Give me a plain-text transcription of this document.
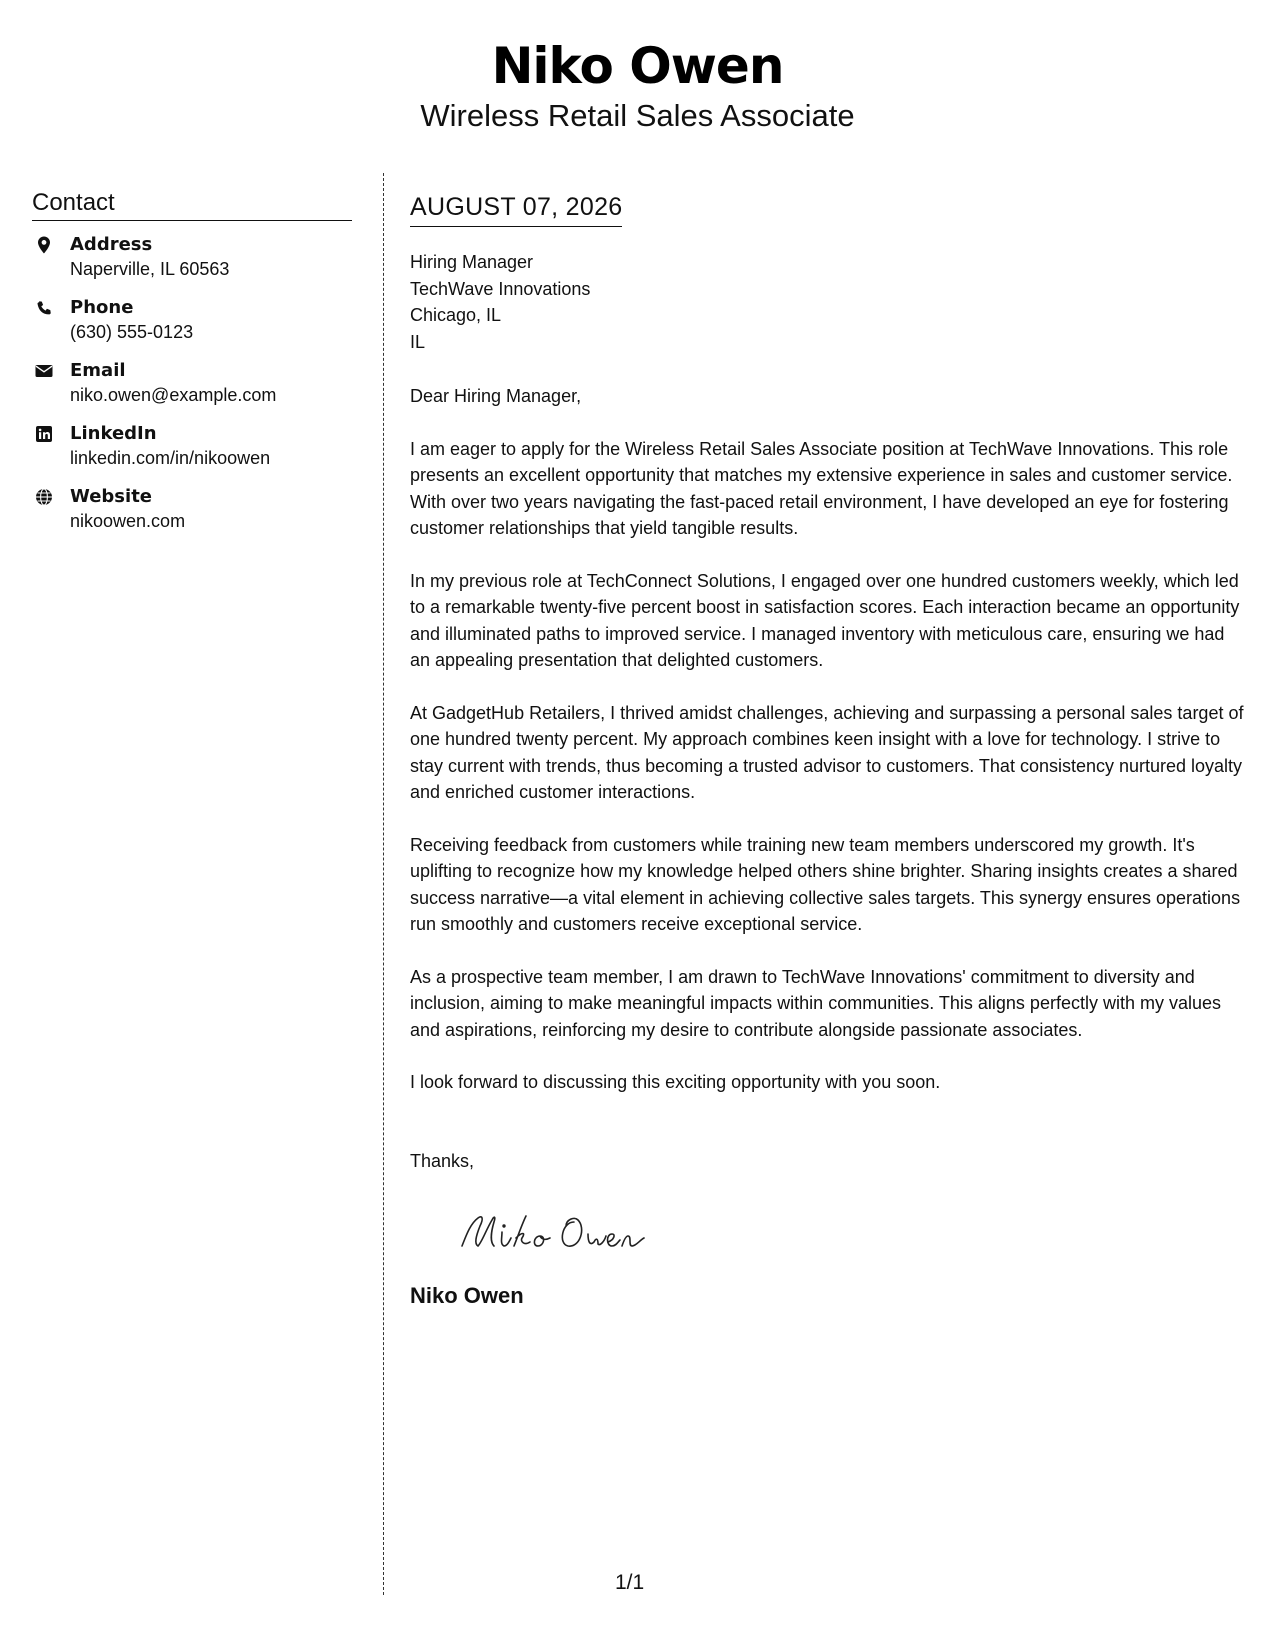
Niko Owen
Wireless Retail Sales Associate
Contact
Address
Naperville, IL 60563
Phone
(630) 555-0123
Email
niko.owen@example.com
LinkedIn
linkedin.com/in/nikoowen
Website
nikoowen.com
AUGUST 07, 2026
Hiring Manager
TechWave Innovations
Chicago, IL
IL
Dear Hiring Manager,
I am eager to apply for the Wireless Retail Sales Associate position at TechWave Innovations. This role presents an excellent opportunity that matches my extensive experience in sales and customer service. With over two years navigating the fast-paced retail environment, I have developed an eye for fostering customer relationships that yield tangible results.
In my previous role at TechConnect Solutions, I engaged over one hundred customers weekly, which led to a remarkable twenty-five percent boost in satisfaction scores. Each interaction became an opportunity and illuminated paths to improved service. I managed inventory with meticulous care, ensuring we had an appealing presentation that delighted customers.
At GadgetHub Retailers, I thrived amidst challenges, achieving and surpassing a personal sales target of one hundred twenty percent. My approach combines keen insight with a love for technology. I strive to stay current with trends, thus becoming a trusted advisor to customers. That consistency nurtured loyalty and enriched customer interactions.
Receiving feedback from customers while training new team members underscored my growth. It's uplifting to recognize how my knowledge helped others shine brighter. Sharing insights creates a shared success narrative—a vital element in achieving collective sales targets. This synergy ensures operations run smoothly and customers receive exceptional service.
As a prospective team member, I am drawn to TechWave Innovations' commitment to diversity and inclusion, aiming to make meaningful impacts within communities. This aligns perfectly with my values and aspirations, reinforcing my desire to contribute alongside passionate associates.
I look forward to discussing this exciting opportunity with you soon.
Thanks,
Niko Owen
1/1
